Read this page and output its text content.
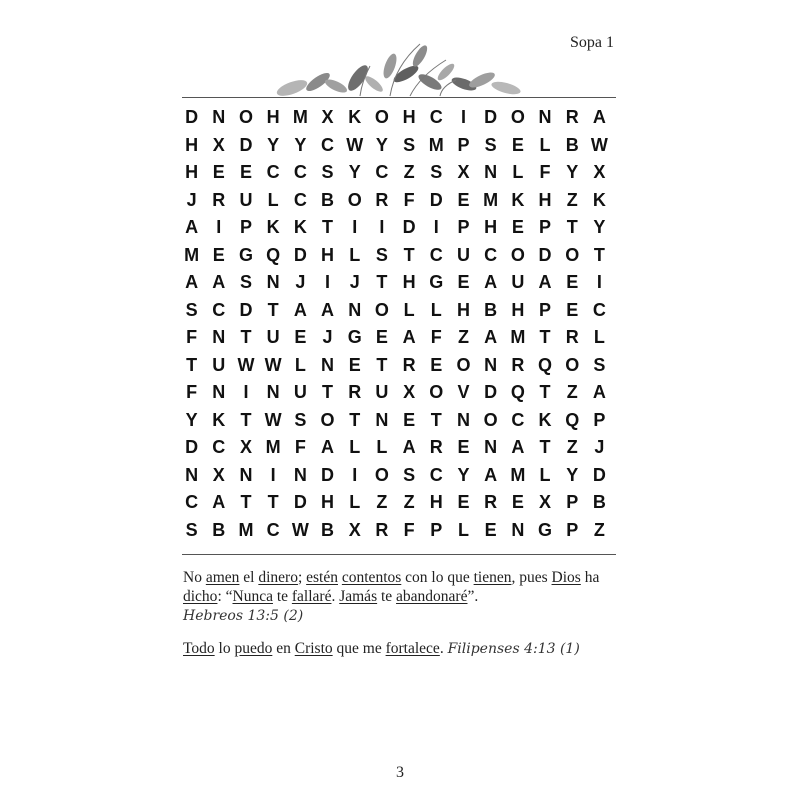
Sopa 1
D N O H M X K O H C	I	D O N R A
H X D Y Y C W Y S M P S E L B W
H E E C C S Y C Z S X N L F Y X
J R U L C B O R F D E M K H Z K
A	I	P K K T	I	I	D	I	P H E P T Y
M E G Q D H L S T C U C O D O T
A A S N J	I	J T H G E A U A E	I
S C D T A A N O L L H B H P E C
F N T U E J G E A F Z A M T R L
T U W W L N E T R E O N R Q O S
F N	I	N U T R U X O V D Q T Z A
Y K T W S O T N E T N O C K Q P
D C X M F A L L A R E N A T Z J
N X N	I	N D	I O S C Y A M L Y D
C A T T D H L Z Z H E R E X P B
S B M C W B X R F P L E N G P Z
No amen el dinero; estén contentos con lo que tienen, pues Dios ha dicho: “Nunca te fallaré. Jamás te abandonaré”.
Hebreos 13:5 (2)
Todo lo puedo en Cristo que me fortalece. Filipenses 4:13 (1)
3
